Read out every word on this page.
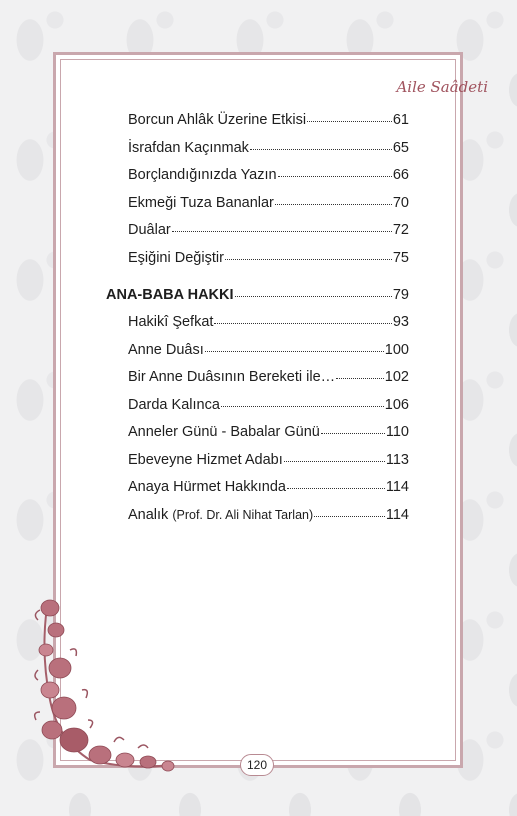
Aile Saâdeti
Borcun Ahlâk Üzerine Etkisi	61
İsrafdan Kaçınmak	65
Borçlandığınızda Yazın	66
Ekmeği Tuza Bananlar	70
Duâlar	72
Eşiğini Değiştir	75
ANA-BABA HAKKI	79
Hakikî Şefkat	93
Anne Duâsı	100
Bir Anne Duâsının Bereketi ile…	102
Darda Kalınca	106
Anneler Günü - Babalar Günü	110
Ebeveyne Hizmet Adabı	113
Anaya Hürmet Hakkında	114
Analık (Prof. Dr. Ali Nihat Tarlan)	114
120
